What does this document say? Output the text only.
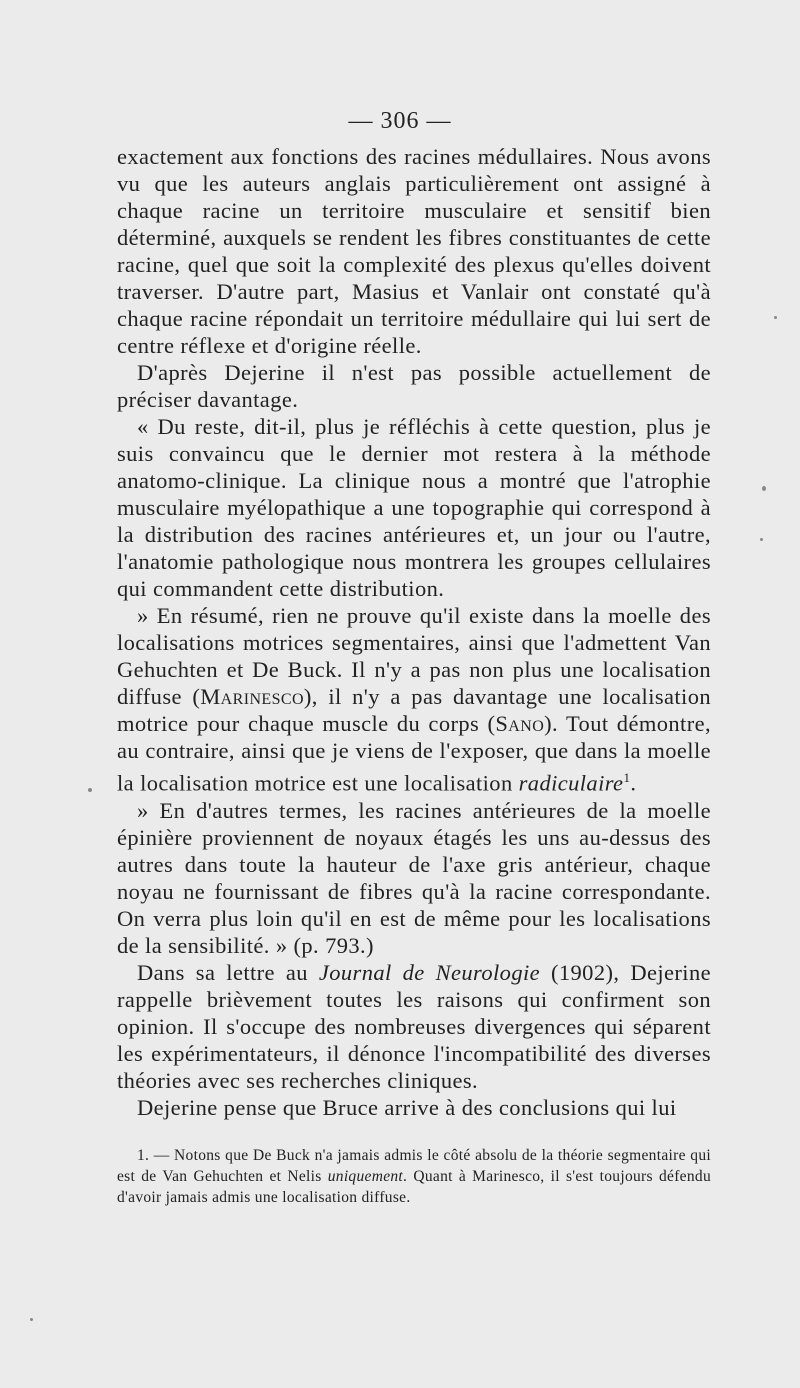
— 306 —

exactement aux fonctions des racines médullaires. Nous avons vu que les auteurs anglais particulièrement ont assigné à chaque racine un territoire musculaire et sensitif bien déterminé, auxquels se rendent les fibres constituantes de cette racine, quel que soit la complexité des plexus qu'elles doivent traverser. D'autre part, Masius et Vanlair ont constaté qu'à chaque racine répondait un territoire médullaire qui lui sert de centre réflexe et d'origine réelle.

D'après Dejerine il n'est pas possible actuellement de préciser davantage.

« Du reste, dit-il, plus je réfléchis à cette question, plus je suis convaincu que le dernier mot restera à la méthode anatomo-clinique. La clinique nous a montré que l'atrophie musculaire myélopathique a une topographie qui correspond à la distribution des racines antérieures et, un jour ou l'autre, l'anatomie pathologique nous montrera les groupes cellulaires qui commandent cette distribution.

» En résumé, rien ne prouve qu'il existe dans la moelle des localisations motrices segmentaires, ainsi que l'admettent Van Gehuchten et De Buck. Il n'y a pas non plus une localisation diffuse (Marinesco), il n'y a pas davantage une localisation motrice pour chaque muscle du corps (Sano). Tout démontre, au contraire, ainsi que je viens de l'exposer, que dans la moelle la localisation motrice est une localisation radiculaire$^1$.

» En d'autres termes, les racines antérieures de la moelle épinière proviennent de noyaux étagés les uns au-dessus des autres dans toute la hauteur de l'axe gris antérieur, chaque noyau ne fournissant de fibres qu'à la racine correspondante. On verra plus loin qu'il en est de même pour les localisations de la sensibilité. » (p. 793.)

Dans sa lettre au Journal de Neurologie (1902), Dejerine rappelle brièvement toutes les raisons qui confirment son opinion. Il s'occupe des nombreuses divergences qui séparent les expérimentateurs, il dénonce l'incompatibilité des diverses théories avec ses recherches cliniques.

Dejerine pense que Bruce arrive à des conclusions qui lui

1. — Notons que De Buck n'a jamais admis le côté absolu de la théorie segmentaire qui est de Van Gehuchten et Nelis uniquement. Quant à Marinesco, il s'est toujours défendu d'avoir jamais admis une localisation diffuse.
